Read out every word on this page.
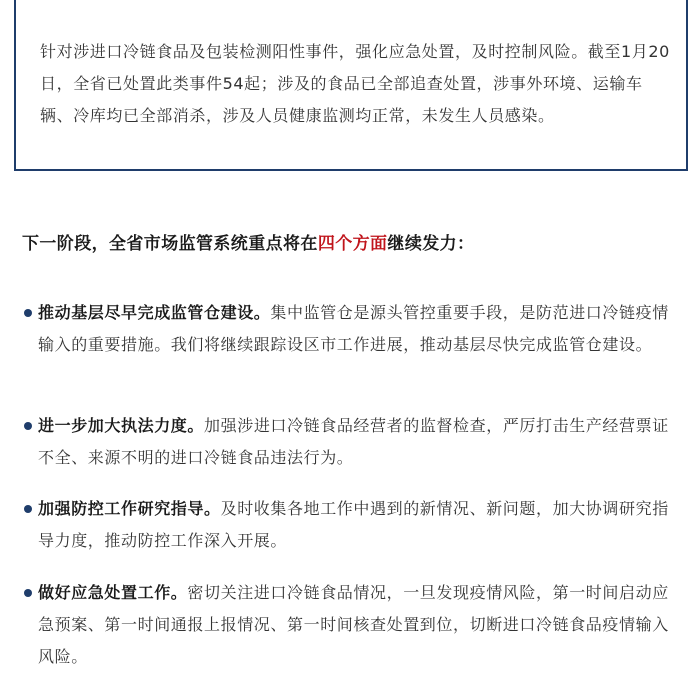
针对涉进口冷链食品及包装检测阳性事件，强化应急处置，及时控制风险。截至1月20日，全省已处置此类事件54起；涉及的食品已全部追查处置，涉事外环境、运输车辆、冷库均已全部消杀，涉及人员健康监测均正常，未发生人员感染。

下一阶段，全省市场监管系统重点将在四个方面继续发力：

推动基层尽早完成监管仓建设。集中监管仓是源头管控重要手段，是防范进口冷链疫情输入的重要措施。我们将继续跟踪设区市工作进展，推动基层尽快完成监管仓建设。

进一步加大执法力度。加强涉进口冷链食品经营者的监督检查，严厉打击生产经营票证不全、来源不明的进口冷链食品违法行为。

加强防控工作研究指导。及时收集各地工作中遇到的新情况、新问题，加大协调研究指导力度，推动防控工作深入开展。

做好应急处置工作。密切关注进口冷链食品情况，一旦发现疫情风险，第一时间启动应急预案、第一时间通报上报情况、第一时间核查处置到位，切断进口冷链食品疫情输入风险。
